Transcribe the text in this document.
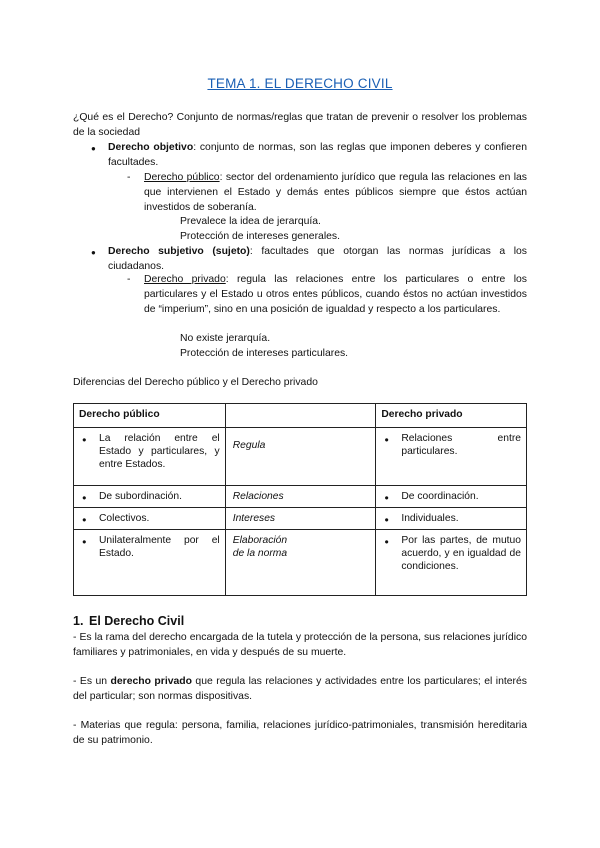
TEMA 1. EL DERECHO CIVIL

¿Qué es el Derecho? Conjunto de normas/reglas que tratan de prevenir o resolver los problemas de la sociedad

● Derecho objetivo: conjunto de normas, son las reglas que imponen deberes y confieren facultades.

- Derecho público: sector del ordenamiento jurídico que regula las relaciones en las que intervienen el Estado y demás entes públicos siempre que éstos actúan investidos de soberanía.

Prevalece la idea de jerarquía.

Protección de intereses generales.

● Derecho subjetivo (sujeto): facultades que otorgan las normas jurídicas a los ciudadanos.

- Derecho privado: regula las relaciones entre los particulares o entre los particulares y el Estado u otros entes públicos, cuando éstos no actúan investidos de “imperium”, sino en una posición de igualdad y respecto a los particulares.

No existe jerarquía.

Protección de intereses particulares.

Diferencias del Derecho público y el Derecho privado

Derecho público		Derecho privado

● La relación entre el Estado y particulares, y entre Estados.	Regula	● Relaciones entre particulares.

● De subordinación.	Relaciones	● De coordinación.

● Colectivos.	Intereses	● Individuales.

● Unilateralmente por el Estado.	Elaboración de la norma	● Por las partes, de mutuo acuerdo, y en igualdad de condiciones.
1. El Derecho Civil

- Es la rama del derecho encargada de la tutela y protección de la persona, sus relaciones jurídico familiares y patrimoniales, en vida y después de su muerte.

- Es un derecho privado que regula las relaciones y actividades entre los particulares; el interés del particular; son normas dispositivas.

- Materias que regula: persona, familia, relaciones jurídico-patrimoniales, transmisión hereditaria de su patrimonio.
